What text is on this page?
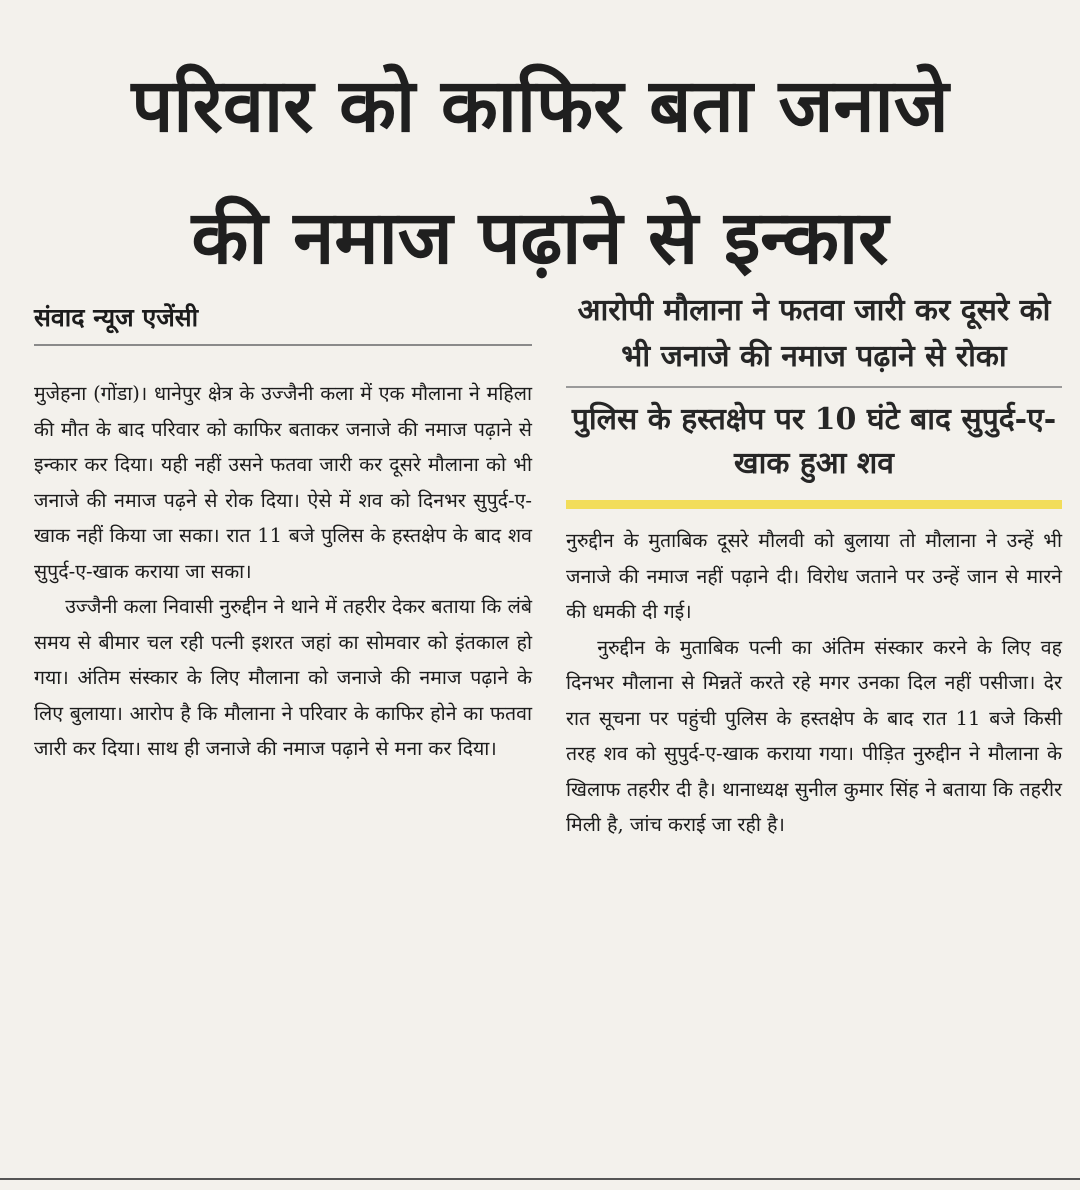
परिवार को काफिर बता जनाजे
की नमाज पढ़ाने से इन्कार
संवाद न्यूज एजेंसी

मुजेहना (गोंडा)। धानेपुर क्षेत्र के उज्जैनी कला में एक मौलाना ने महिला की मौत के बाद परिवार को काफिर बताकर जनाजे की नमाज पढ़ाने से इन्कार कर दिया। यही नहीं उसने फतवा जारी कर दूसरे मौलाना को भी जनाजे की नमाज पढ़ने से रोक दिया। ऐसे में शव को दिनभर सुपुर्द-ए-खाक नहीं किया जा सका। रात 11 बजे पुलिस के हस्तक्षेप के बाद शव सुपुर्द-ए-खाक कराया जा सका।

उज्जैनी कला निवासी नुरुद्दीन ने थाने में तहरीर देकर बताया कि लंबे समय से बीमार चल रही पत्नी इशरत जहां का सोमवार को इंतकाल हो गया। अंतिम संस्कार के लिए मौलाना को जनाजे की नमाज पढ़ाने के लिए बुलाया। आरोप है कि मौलाना ने परिवार के काफिर होने का फतवा जारी कर दिया। साथ ही जनाजे की नमाज पढ़ाने से मना कर दिया।

आरोपी मौलाना ने फतवा जारी कर दूसरे को भी जनाजे की नमाज पढ़ाने से रोका
पुलिस के हस्तक्षेप पर 10 घंटे बाद सुपुर्द-ए-खाक हुआ शव

नुरुद्दीन के मुताबिक दूसरे मौलवी को बुलाया तो मौलाना ने उन्हें भी जनाजे की नमाज नहीं पढ़ाने दी। विरोध जताने पर उन्हें जान से मारने की धमकी दी गई।

नुरुद्दीन के मुताबिक पत्नी का अंतिम संस्कार करने के लिए वह दिनभर मौलाना से मिन्नतें करते रहे मगर उनका दिल नहीं पसीजा। देर रात सूचना पर पहुंची पुलिस के हस्तक्षेप के बाद रात 11 बजे किसी तरह शव को सुपुर्द-ए-खाक कराया गया। पीड़ित नुरुद्दीन ने मौलाना के खिलाफ तहरीर दी है। थानाध्यक्ष सुनील कुमार सिंह ने बताया कि तहरीर मिली है, जांच कराई जा रही है।
